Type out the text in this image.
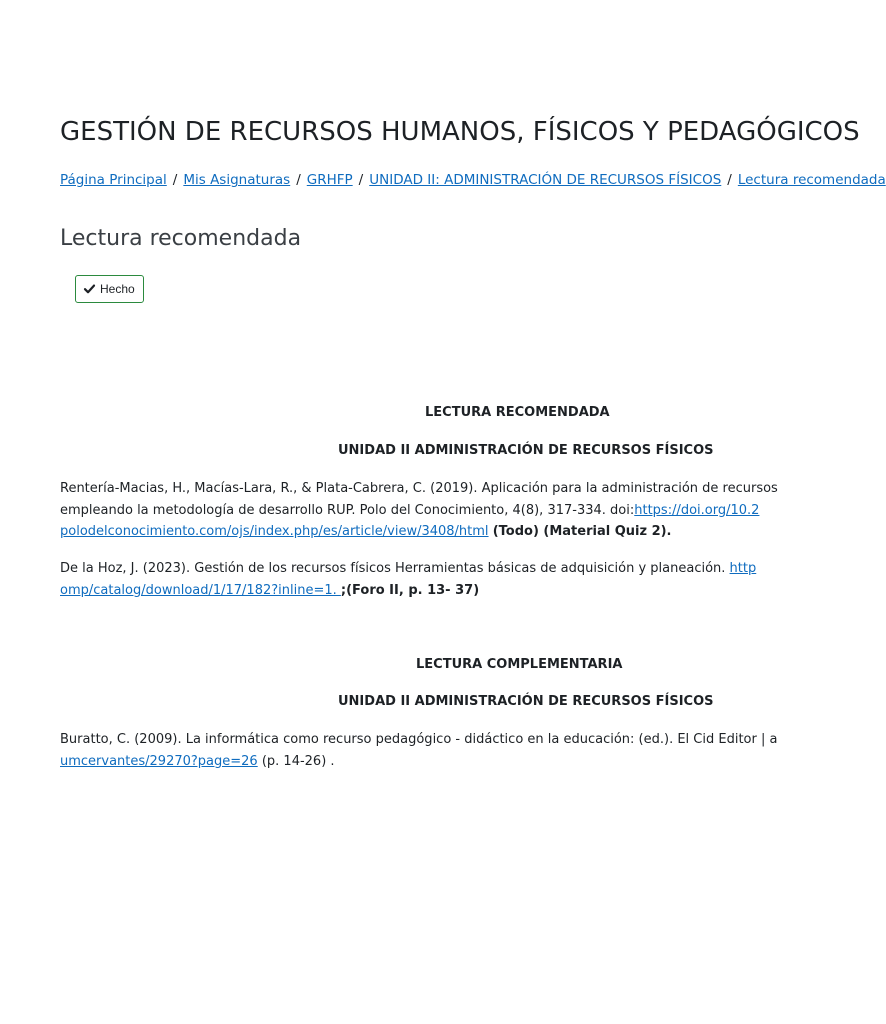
GESTIÓN DE RECURSOS HUMANOS, FÍSICOS Y PEDAGÓGICOS
Página Principal / Mis Asignaturas / GRHFP / UNIDAD II: ADMINISTRACIÓN DE RECURSOS FÍSICOS / Lectura recomendada
Lectura recomendada
Hecho
LECTURA RECOMENDADA
UNIDAD II ADMINISTRACIÓN DE RECURSOS FÍSICOS
Rentería-Macias, H., Macías-Lara, R., & Plata-Cabrera, C. (2019). Aplicación para la administración de recursos
empleando la metodología de desarrollo RUP. Polo del Conocimiento, 4(8), 317-334. doi:https://doi.org/10.2
polodelconocimiento.com/ojs/index.php/es/article/view/3408/html (Todo) (Material Quiz 2).
De la Hoz, J. (2023). Gestión de los recursos físicos Herramientas básicas de adquisición y planeación. http
omp/catalog/download/1/17/182?inline=1. ;(Foro II, p. 13- 37)
LECTURA COMPLEMENTARIA
UNIDAD II ADMINISTRACIÓN DE RECURSOS FÍSICOS
Buratto, C. (2009). La informática como recurso pedagógico - didáctico en la educación: (ed.). El Cid Editor | a
umcervantes/29270?page=26 (p. 14-26) .
